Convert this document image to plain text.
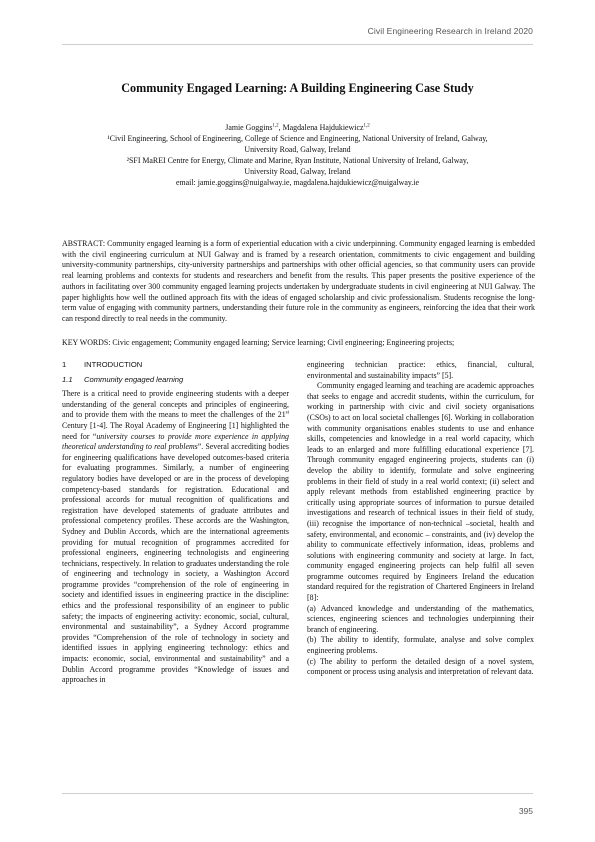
Civil Engineering Research in Ireland 2020
Community Engaged Learning: A Building Engineering Case Study
Jamie Goggins$^{1,2}$, Magdalena Hajdukiewicz$^{1,2}$
¹Civil Engineering, School of Engineering, College of Science and Engineering, National University of Ireland, Galway,
University Road, Galway, Ireland
²SFI MaREI Centre for Energy, Climate and Marine, Ryan Institute, National University of Ireland, Galway,
University Road, Galway, Ireland
email: jamie.goggins@nuigalway.ie, magdalena.hajdukiewicz@nuigalway.ie

ABSTRACT: Community engaged learning is a form of experiential education with a civic underpinning. Community engaged learning is embedded with the civil engineering curriculum at NUI Galway and is framed by a research orientation, commitments to civic engagement and building university-community partnerships, city-university partnerships and partnerships with other official agencies, so that community users can provide real learning problems and contexts for students and researchers and benefit from the results. This paper presents the positive experience of the authors in facilitating over 300 community engaged learning projects undertaken by undergraduate students in civil engineering at NUI Galway. The paper highlights how well the outlined approach fits with the ideas of engaged scholarship and civic professionalism. Students recognise the long-term value of engaging with community partners, understanding their future role in the community as engineers, reinforcing the idea that their work can respond directly to real needs in the community.

KEY WORDS: Civic engagement; Community engaged learning; Service learning; Civil engineering; Engineering projects;

1 INTRODUCTION
1.1 Community engaged learning

There is a critical need to provide engineering students with a deeper understanding of the general concepts and principles of engineering, and to provide them with the means to meet the challenges of the 21st Century [1-4]. The Royal Academy of Engineering [1] highlighted the need for “university courses to provide more experience in applying theoretical understanding to real problems”. Several accrediting bodies for engineering qualifications have developed outcomes-based criteria for evaluating programmes. Similarly, a number of engineering regulatory bodies have developed or are in the process of developing competency-based standards for registration. Educational and professional accords for mutual recognition of qualifications and registration have developed statements of graduate attributes and professional competency profiles. These accords are the Washington, Sydney and Dublin Accords, which are the international agreements providing for mutual recognition of programmes accredited for professional engineers, engineering technologists and engineering technicians, respectively. In relation to graduates understanding the role of engineering and technology in society, a Washington Accord programme provides “comprehension of the role of engineering in society and identified issues in engineering practice in the discipline: ethics and the professional responsibility of an engineer to public safety; the impacts of engineering activity: economic, social, cultural, environmental and sustainability”, a Sydney Accord programme provides “Comprehension of the role of technology in society and identified issues in applying engineering technology: ethics and impacts: economic, social, environmental and sustainability” and a Dublin Accord programme provides “Knowledge of issues and approaches in

engineering technician practice: ethics, financial, cultural, environmental and sustainability impacts” [5].

Community engaged learning and teaching are academic approaches that seeks to engage and accredit students, within the curriculum, for working in partnership with civic and civil society organisations (CSOs) to act on local societal challenges [6]. Working in collaboration with community organisations enables students to use and enhance skills, competencies and knowledge in a real world capacity, which leads to an enlarged and more fulfilling educational experience [7]. Through community engaged engineering projects, students can (i) develop the ability to identify, formulate and solve engineering problems in their field of study in a real world context; (ii) select and apply relevant methods from established engineering practice by critically using appropriate sources of information to pursue detailed investigations and research of technical issues in their field of study, (iii) recognise the importance of non-technical –societal, health and safety, environmental, and economic – constraints, and (iv) develop the ability to communicate effectively information, ideas, problems and solutions with engineering community and society at large. In fact, community engaged engineering projects can help fulfil all seven programme outcomes required by Engineers Ireland the education standard required for the registration of Chartered Engineers in Ireland [8]:

(a) Advanced knowledge and understanding of the mathematics, sciences, engineering sciences and technologies underpinning their branch of engineering.

(b) The ability to identify, formulate, analyse and solve complex engineering problems.

(c) The ability to perform the detailed design of a novel system, component or process using analysis and interpretation of relevant data.

395
